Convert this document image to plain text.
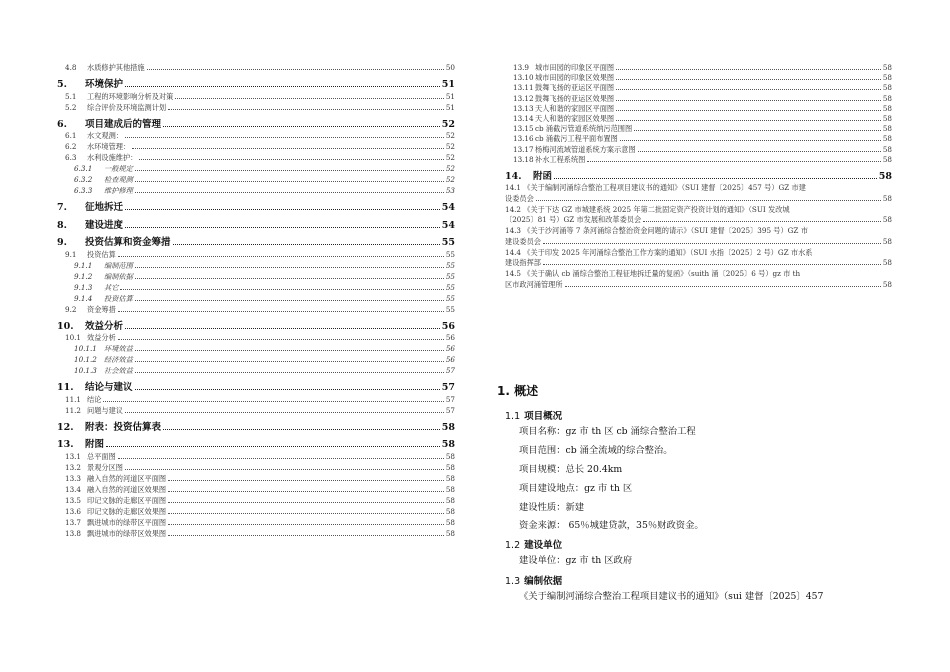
4.8 水质修护其他措施	50
5. 环境保护	51
5.1 工程的环境影响分析及对策	51
5.2 综合评价及环境监测计划	51
6. 项目建成后的管理	52
6.1 水文观测：	52
6.2 水环境管理：	52
6.3 水利设施维护：	52
6.3.1 一般规定	52
6.3.2 检查观测	52
6.3.3 维护修理	53
7. 征地拆迁	54
8. 建设进度	54
9. 投资估算和资金筹措	55
9.1 投资估算	55
9.1.1 编制范围	55
9.1.2 编制依据	55
9.1.3 其它	55
9.1.4 投资估算	55
9.2 资金筹措	55
10. 效益分析	56
10.1 效益分析	56
10.1.1 环境效益	56
10.1.2 经济效益	56
10.1.3 社会效益	57
11. 结论与建议	57
11.1 结论	57
11.2 问题与建议	57
12. 附表：投资估算表	58
13. 附图	58
13.1 总平面图	58
13.2 景观分区图	58
13.3 融入自然的河道区平面图	58
13.4 融入自然的河道区效果图	58
13.5 印记文脉的走廊区平面图	58
13.6 印记文脉的走廊区效果图	58
13.7 飘进城市的绿带区平面图	58
13.8 飘进城市的绿带区效果图	58
13.9 城市田园的印象区平面图	58
13.10城市田园的印象区效果图	58
13.11鼓舞飞扬的亚运区平面图	58
13.12鼓舞飞扬的亚运区效果图	58
13.13天人和谐的家园区平面图	58
13.14天人和谐的家园区效果图	58
13.15cb 涌截污管道系统纳污范围图	58
13.16cb 涌截污工程平面布置图	58
13.17杨梅河流域管道系统方案示意图	58
13.18补水工程系统图	58
14. 附函	58
14.1 《关于编制河涌综合整治工程项目建议书的通知》（SUI 建督〔2025〕457 号）GZ 市建
设委员会	58
14.2 《关于下达 GZ 市城建系统 2025 年第二批固定资产投资计划的通知》（SUI 发改城
〔2025〕81 号）GZ 市发展和改革委员会	58
14.3 《关于沙河涌等 7 条河涌综合整治资金问题的请示》（SUI 建督〔2025〕395 号）GZ 市
建设委员会	58
14.4 《关于印发 2025 年河涌综合整治工作方案的通知》（SUI 水指〔2025〕2 号）GZ 市水系
建设指挥部	58
14.5 《关于确认 cb 涌综合整治工程征地拆迁量的复函》（suith 涌〔2025〕6 号）gz 市 th
区市政河涌管理所	58
1. 概述
1.1 项目概况
项目名称：gz 市 th 区 cb 涌综合整治工程
项目范围：cb 涌全流域的综合整治。
项目规模：总长 20.4km
项目建设地点：gz 市 th 区
建设性质：新建
资金来源： 65％城建贷款，35％财政资金。
1.2 建设单位
建设单位：gz 市 th 区政府
1.3 编制依据
《关于编制河涌综合整治工程项目建议书的通知》（sui 建督〔2025〕457
